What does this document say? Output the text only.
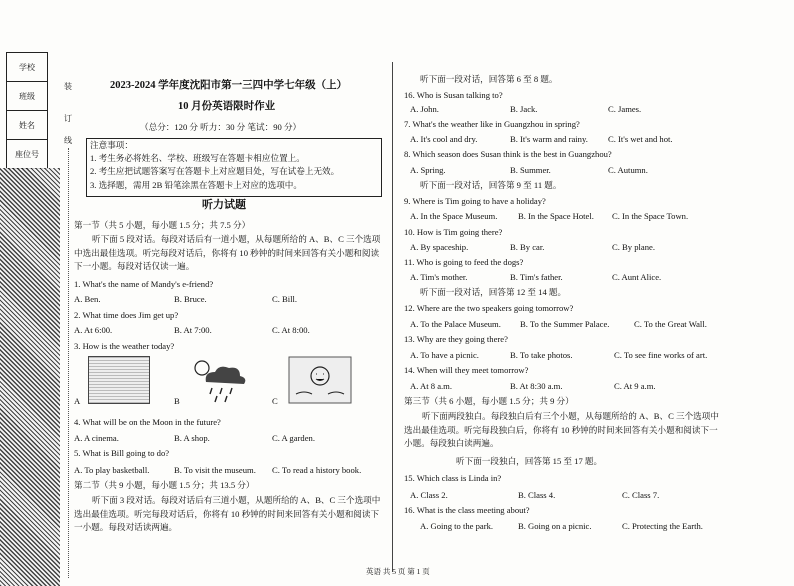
学校
班级
姓名
座位号
装
订
线
2023-2024 学年度沈阳市第一三四中学七年级（上）
10 月份英语限时作业
（总分：120 分 听力：30 分 笔试：90 分）
注意事项：
1. 考生务必将姓名、学校、班级写在答题卡相应位置上。
2. 考生应把试题答案写在答题卡上对应题目处，写在试卷上无效。
3. 选择题，需用 2B 铅笔涂黑在答题卡上对应的选项中。
听力试题
第一节（共 5 小题，每小题 1.5 分；共 7.5 分）
听下面 5 段对话。每段对话后有一道小题，从每题所给的 A、B、C 三个选项中选出最佳选项。听完每段对话后，你将有 10 秒钟的时间来回答有关小题和阅读下一小题。每段对话仅读一遍。
1. What's the name of Mandy's e-friend?
A. Ben.	B. Bruce.	C. Bill.
2. What time does Jim get up?
A. At 6:00.	B. At 7:00.	C. At 8:00.
3. How is the weather today?
A	B	C
4. What will be on the Moon in the future?
A. A cinema.	B. A shop.	C. A garden.
5. What is Bill going to do?
A. To play basketball.	B. To visit the museum. C. To read a history book.
第二节（共 9 小题，每小题 1.5 分；共 13.5 分）
听下面 3 段对话。每段对话后有三道小题，从题所给的 A、B、C 三个选项中选出最佳选项。听完每段对话后，你将有 10 秒钟的时间来回答有关小题和阅读下一小题。每段对话读两遍。
听下面一段对话，回答第 6 至 8 题。
16. Who is Susan talking to?
A. John.	B. Jack.	C. James.
7. What's the weather like in Guangzhou in spring?
A. It's cool and dry.	B. It's warm and rainy. C. It's wet and hot.
8. Which season does Susan think is the best in Guangzhou?
A. Spring.	B. Summer.	C. Autumn.
听下面一段对话，回答第 9 至 11 题。
9. Where is Tim going to have a holiday?
A. In the Space Museum. B. In the Space Hotel. C. In the Space Town.
10. How is Tim going there?
A. By spaceship.	B. By car.	C. By plane.
11. Who is going to feed the dogs?
A. Tim's mother.	B. Tim's father.	C. Aunt Alice.
听下面一段对话，回答第 12 至 14 题。
12. Where are the two speakers going tomorrow?
A. To the Palace Museum. B. To the Summer Palace.	C. To the Great Wall.
13. Why are they going there?
A. To have a picnic.	B. To take photos.	C. To see fine works of art.
14. When will they meet tomorrow?
A. At 8 a.m.	B. At 8:30 a.m.	C. At 9 a.m.
第三节（共 6 小题，每小题 1.5 分；共 9 分）
听下面两段独白。每段独白后有三个小题，从每题所给的 A、B、C 三个选项中选出最佳选项。听完每段独白后，你将有 10 秒钟的时间来回答有关小题和阅读下一小题。每段独白读两遍。
听下面一段独白，回答第 15 至 17 题。
15. Which class is Linda in?
A. Class 2.	B. Class 4.	C. Class 7.
16. What is the class meeting about?
A. Going to the park.	B. Going on a picnic.	C. Protecting the Earth.
英语 共 5 页 第 1 页
